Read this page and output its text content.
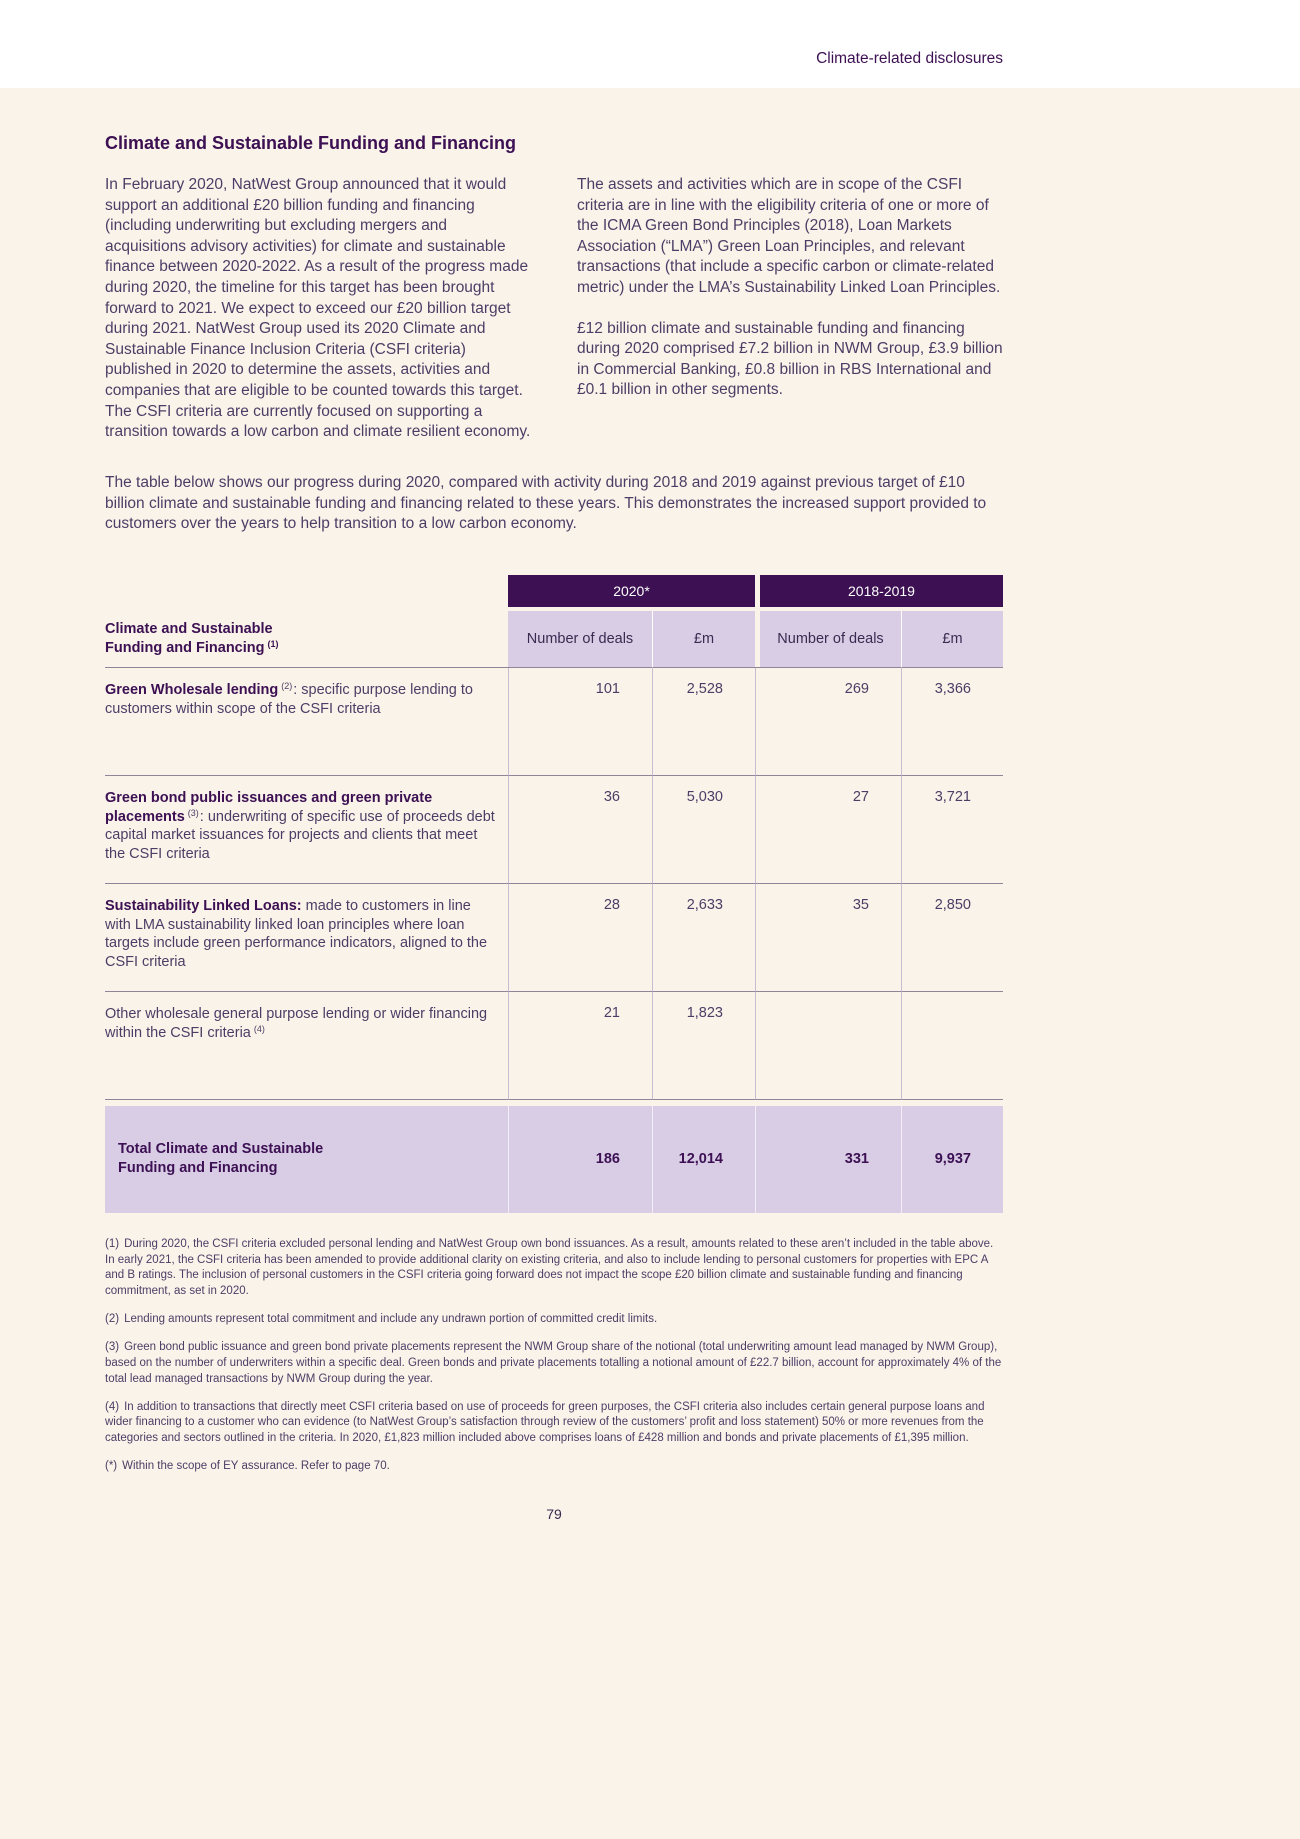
Climate-related disclosures
Climate and Sustainable Funding and Financing

In February 2020, NatWest Group announced that it would support an additional £20 billion funding and financing (including underwriting but excluding mergers and acquisitions advisory activities) for climate and sustainable finance between 2020-2022. As a result of the progress made during 2020, the timeline for this target has been brought forward to 2021. We expect to exceed our £20 billion target during 2021. NatWest Group used its 2020 Climate and Sustainable Finance Inclusion Criteria (CSFI criteria) published in 2020 to determine the assets, activities and companies that are eligible to be counted towards this target. The CSFI criteria are currently focused on supporting a transition towards a low carbon and climate resilient economy.

The assets and activities which are in scope of the CSFI criteria are in line with the eligibility criteria of one or more of the ICMA Green Bond Principles (2018), Loan Markets Association (“LMA”) Green Loan Principles, and relevant transactions (that include a specific carbon or climate-related metric) under the LMA’s Sustainability Linked Loan Principles.

£12 billion climate and sustainable funding and financing during 2020 comprised £7.2 billion in NWM Group, £3.9 billion in Commercial Banking, £0.8 billion in RBS International and £0.1 billion in other segments.

The table below shows our progress during 2020, compared with activity during 2018 and 2019 against previous target of £10 billion climate and sustainable funding and financing related to these years. This demonstrates the increased support provided to customers over the years to help transition to a low carbon economy.

2020*	2018-2019
Climate and Sustainable
Funding and Financing $^{(1)}$	Number of deals	£m	Number of deals	£m
Green Wholesale lending $^{(2)}$: specific purpose lending to customers within scope of the CSFI criteria
101	2,528	269	3,366
Green bond public issuances and green private placements $^{(3)}$: underwriting of specific use of proceeds debt capital market issuances for projects and clients that meet the CSFI criteria
36	5,030	27	3,721
Sustainability Linked Loans: made to customers in line with LMA sustainability linked loan principles where loan targets include green performance indicators, aligned to the CSFI criteria
28	2,633	35	2,850
Other wholesale general purpose lending or wider financing within the CSFI criteria $^{(4)}$
21	1,823
Total Climate and Sustainable Funding and Financing
186	12,014	331	9,937

(1) During 2020, the CSFI criteria excluded personal lending and NatWest Group own bond issuances. As a result, amounts related to these aren’t included in the table above. In early 2021, the CSFI criteria has been amended to provide additional clarity on existing criteria, and also to include lending to personal customers for properties with EPC A and B ratings. The inclusion of personal customers in the CSFI criteria going forward does not impact the scope £20 billion climate and sustainable funding and financing commitment, as set in 2020.

(2) Lending amounts represent total commitment and include any undrawn portion of committed credit limits.

(3) Green bond public issuance and green bond private placements represent the NWM Group share of the notional (total underwriting amount lead managed by NWM Group), based on the number of underwriters within a specific deal. Green bonds and private placements totalling a notional amount of £22.7 billion, account for approximately 4% of the total lead managed transactions by NWM Group during the year.

(4) In addition to transactions that directly meet CSFI criteria based on use of proceeds for green purposes, the CSFI criteria also includes certain general purpose loans and wider financing to a customer who can evidence (to NatWest Group’s satisfaction through review of the customers’ profit and loss statement) 50% or more revenues from the categories and sectors outlined in the criteria. In 2020, £1,823 million included above comprises loans of £428 million and bonds and private placements of £1,395 million.

(*) Within the scope of EY assurance. Refer to page 70.

79
